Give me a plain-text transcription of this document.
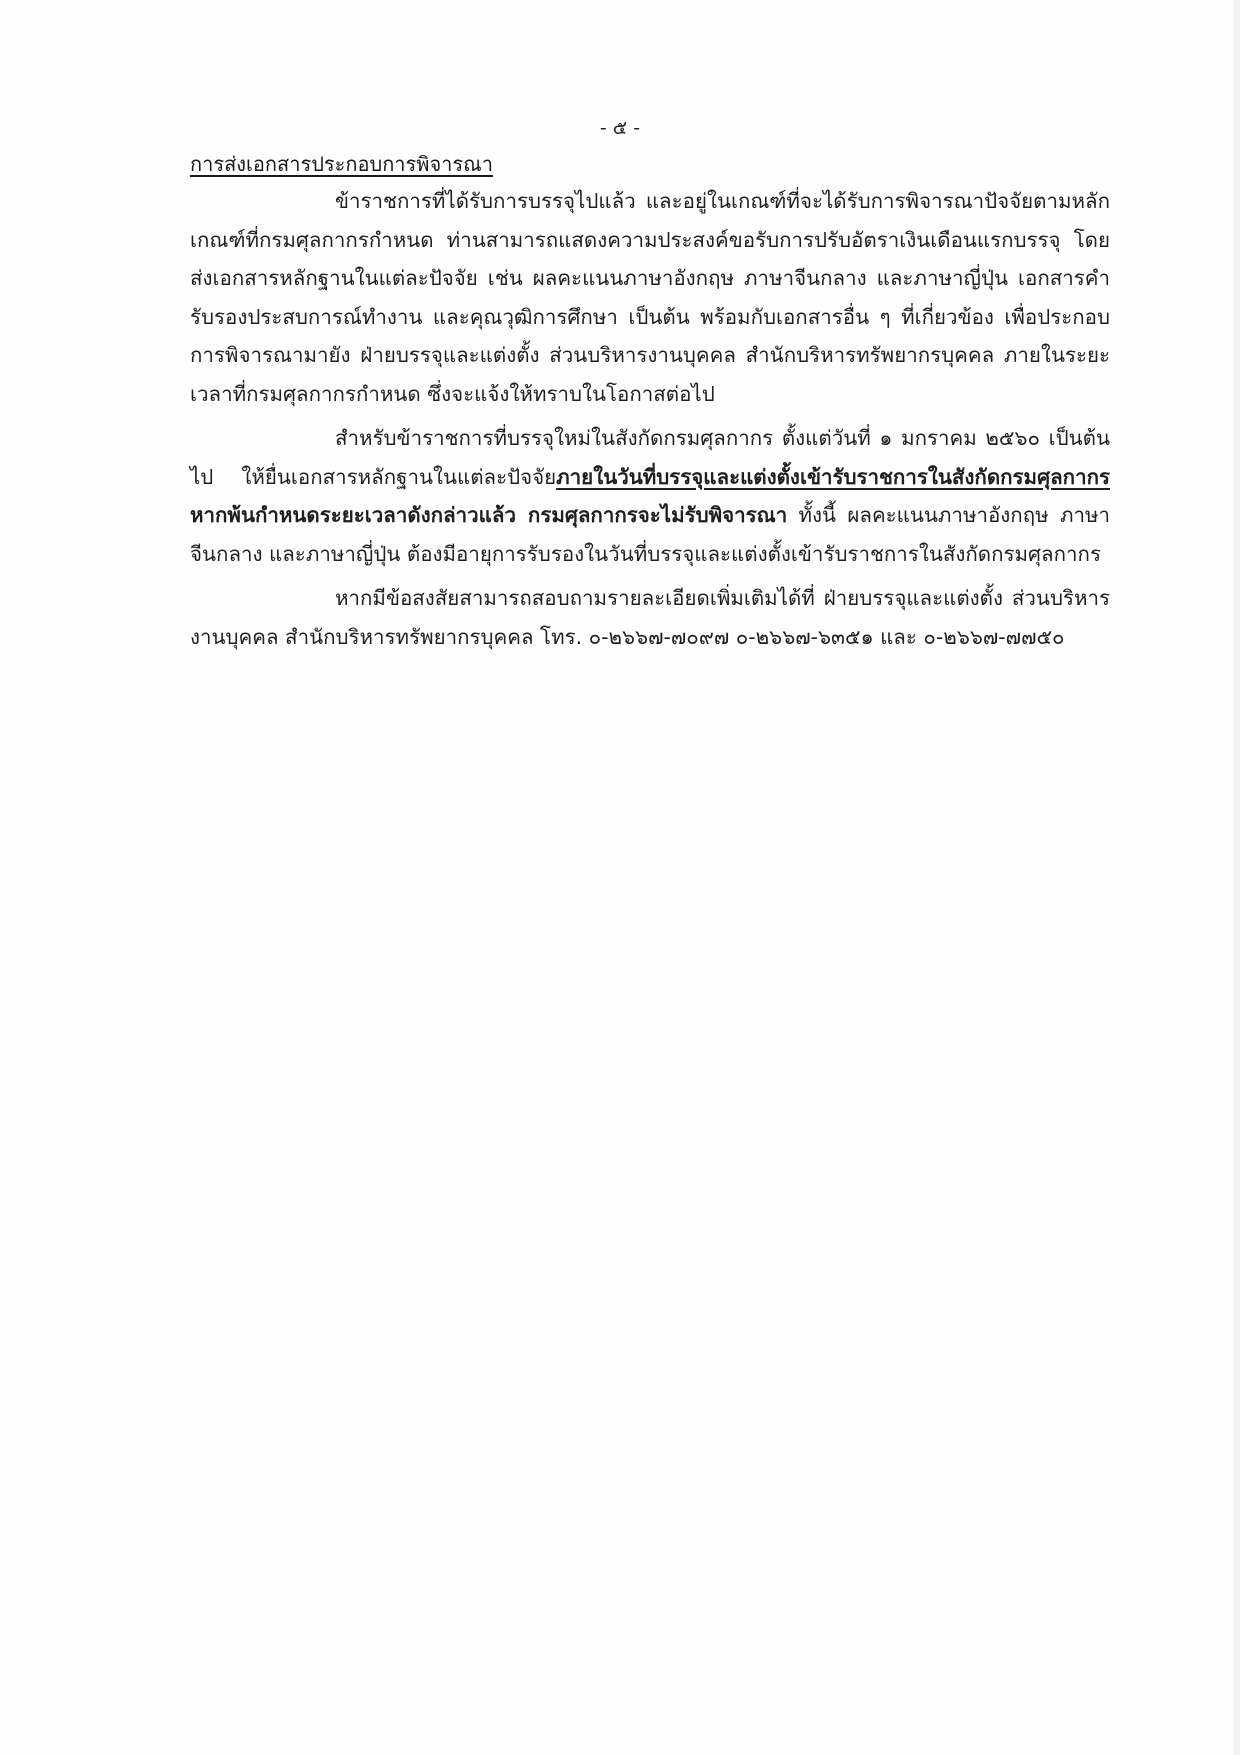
- ๕ -
การส่งเอกสารประกอบการพิจารณา

ข้าราชการที่ได้รับการบรรจุไปแล้ว และอยู่ในเกณฑ์ที่จะได้รับการพิจารณาปัจจัยตามหลักเกณฑ์ที่กรมศุลกากรกำหนด ท่านสามารถแสดงความประสงค์ขอรับการปรับอัตราเงินเดือนแรกบรรจุ โดยส่งเอกสารหลักฐานในแต่ละปัจจัย เช่น ผลคะแนนภาษาอังกฤษ ภาษาจีนกลาง และภาษาญี่ปุ่น เอกสารคำรับรองประสบการณ์ทำงาน และคุณวุฒิการศึกษา เป็นต้น พร้อมกับเอกสารอื่น ๆ ที่เกี่ยวข้อง เพื่อประกอบการพิจารณามายัง ฝ่ายบรรจุและแต่งตั้ง ส่วนบริหารงานบุคคล สำนักบริหารทรัพยากรบุคคล ภายในระยะเวลาที่กรมศุลกากรกำหนด ซึ่งจะแจ้งให้ทราบในโอกาสต่อไป

สำหรับข้าราชการที่บรรจุใหม่ในสังกัดกรมศุลกากร ตั้งแต่วันที่ ๑ มกราคม ๒๕๖๐ เป็นต้นไป ให้ยื่นเอกสารหลักฐานในแต่ละปัจจัยภายในวันที่บรรจุและแต่งตั้งเข้ารับราชการในสังกัดกรมศุลกากร หากพ้นกำหนดระยะเวลาดังกล่าวแล้ว กรมศุลกากรจะไม่รับพิจารณา ทั้งนี้ ผลคะแนนภาษาอังกฤษ ภาษาจีนกลาง และภาษาญี่ปุ่น ต้องมีอายุการรับรองในวันที่บรรจุและแต่งตั้งเข้ารับราชการในสังกัดกรมศุลกากร

หากมีข้อสงสัยสามารถสอบถามรายละเอียดเพิ่มเติมได้ที่ ฝ่ายบรรจุและแต่งตั้ง ส่วนบริหารงานบุคคล สำนักบริหารทรัพยากรบุคคล โทร. ๐-๒๖๖๗-๗๐๙๗ ๐-๒๖๖๗-๖๓๕๑ และ ๐-๒๖๖๗-๗๗๕๐
